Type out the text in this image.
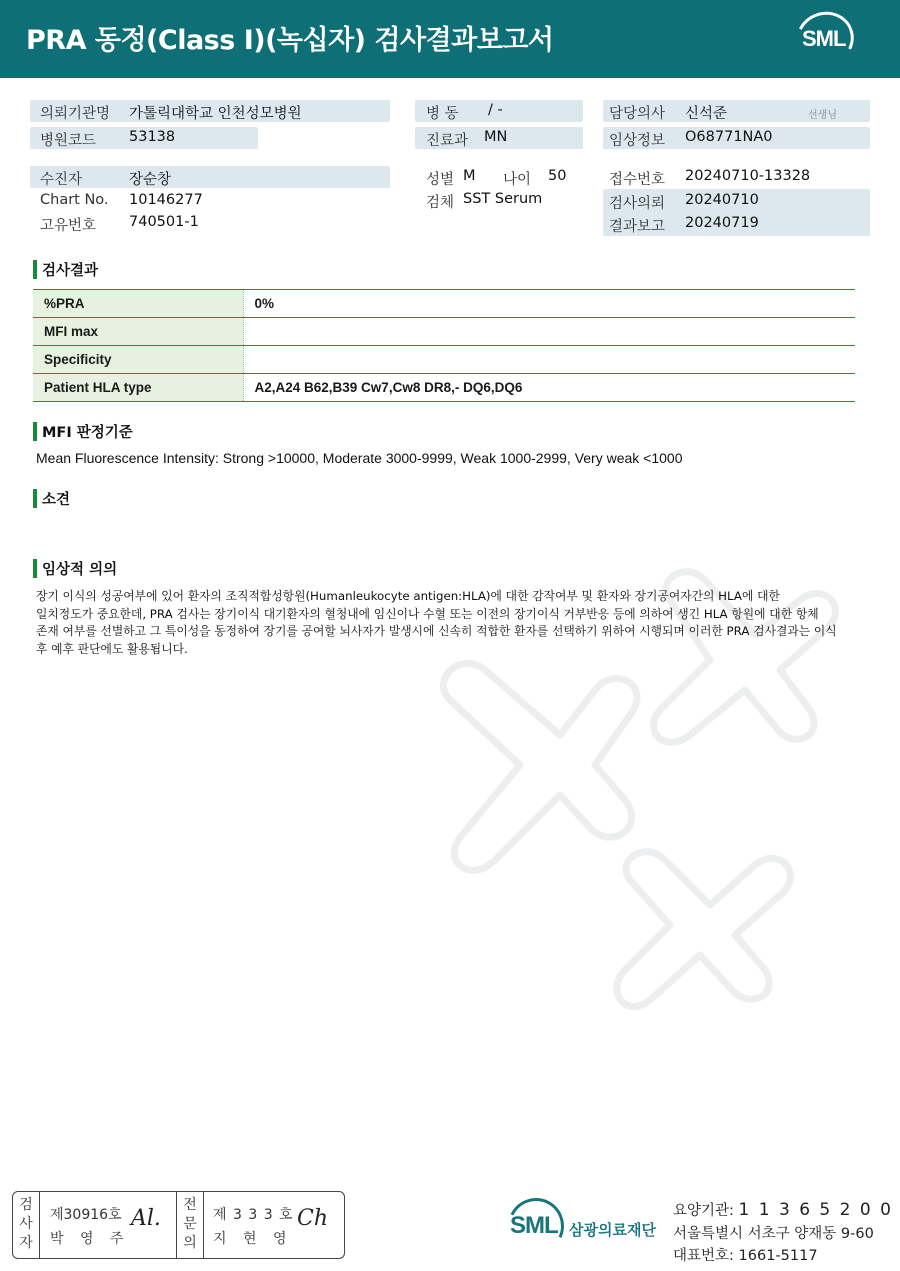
PRA 동정(Class I)(녹십자) 검사결과보고서	SML
의뢰기관명 가톨릭대학교 인천성모병원
병원코드 53138
병 동 / -
진료과 MN
담당의사 신석준	선생님
임상정보 O68771NA0
수진자	장순창
Chart No. 10146277
고유번호 740501-1
성별 M 나이 50
검체 SST Serum
접수번호 20240710-13328
검사의뢰 20240710
결과보고 20240719
검사결과
%PRA	0%
MFI max	
Specificity	
Patient HLA type	A2,A24 B62,B39 Cw7,Cw8 DR8,- DQ6,DQ6
MFI 판정기준
Mean Fluorescence Intensity: Strong >10000, Moderate 3000-9999, Weak 1000-2999, Very weak <1000
소견
임상적 의의
장기 이식의 성공여부에 있어 환자의 조직적합성항원(Humanleukocyte antigen:HLA)에 대한 감작여부 및 환자와 장기공여자간의 HLA에 대한
일치정도가 중요한데, PRA 검사는 장기이식 대기환자의 혈청내에 임신이나 수혈 또는 이전의 장기이식 거부반응 등에 의하여 생긴 HLA 항원에 대한 항체
존재 여부를 선별하고 그 특이성을 동정하여 장기를 공여할 뇌사자가 발생시에 신속히 적합한 환자를 선택하기 위하여 시행되며 이러한 PRA 검사결과는 이식
후 예후 판단에도 활용됩니다.
검
사
자
제30916호
박 영 주
Al.
전
문
의
제 3 3 3 호
지 현 영
Ch	SML 삼광의료재단
요양기관: 1 1 3 6 5 2 0 0
서울특별시 서초구 양재동 9-60
대표번호: 1661-5117
